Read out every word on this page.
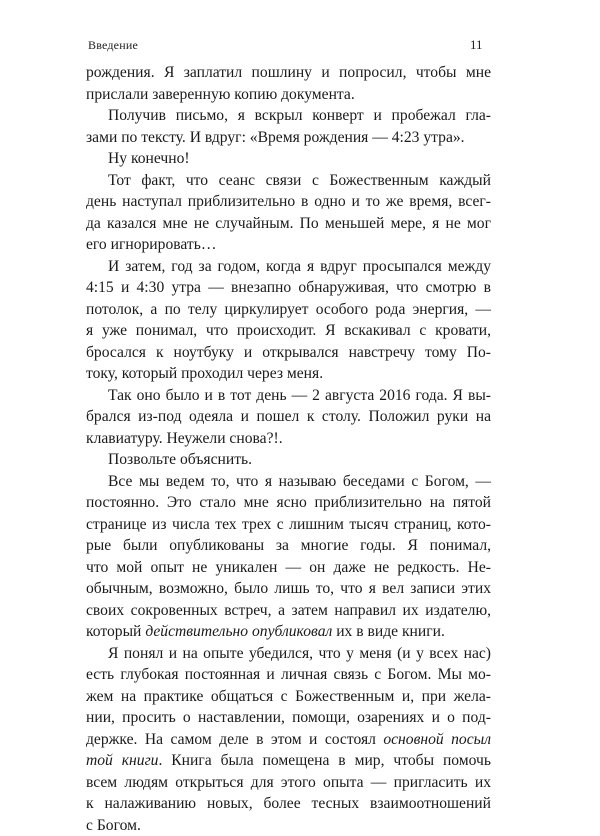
Введение	11
рождения. Я заплатил пошлину и попросил, чтобы мне
прислали заверенную копию документа.
Получив письмо, я вскрыл конверт и пробежал гла-
зами по тексту. И вдруг: «Время рождения — 4:23 утра».
Ну конечно!
Тот факт, что сеанс связи с Божественным каждый
день наступал приблизительно в одно и то же время, всег-
да казался мне не случайным. По меньшей мере, я не мог
его игнорировать…
И затем, год за годом, когда я вдруг просыпался между
4:15 и 4:30 утра — внезапно обнаруживая, что смотрю в
потолок, а по телу циркулирует особого рода энергия, —
я уже понимал, что происходит. Я вскакивал с кровати,
бросался к ноутбуку и открывался навстречу тому По-
току, который проходил через меня.
Так оно было и в тот день — 2 августа 2016 года. Я вы-
брался из-под одеяла и пошел к столу. Положил руки на
клавиатуру. Неужели снова?!.
Позвольте объяснить.
Все мы ведем то, что я называю беседами с Богом, —
постоянно. Это стало мне ясно приблизительно на пятой
странице из числа тех трех с лишним тысяч страниц, кото-
рые были опубликованы за многие годы. Я понимал,
что мой опыт не уникален — он даже не редкость. Не-
обычным, возможно, было лишь то, что я вел записи этих
своих сокровенных встреч, а затем направил их издателю,
который действительно опубликовал их в виде книги.
Я понял и на опыте убедился, что у меня (и у всех нас)
есть глубокая постоянная и личная связь с Богом. Мы мо-
жем на практике общаться с Божественным и, при жела-
нии, просить о наставлении, помощи, озарениях и о под-
держке. На самом деле в этом и состоял основной посыл
той книги. Книга была помещена в мир, чтобы помочь
всем людям открыться для этого опыта — пригласить их
к налаживанию новых, более тесных взаимоотношений
с Богом.
